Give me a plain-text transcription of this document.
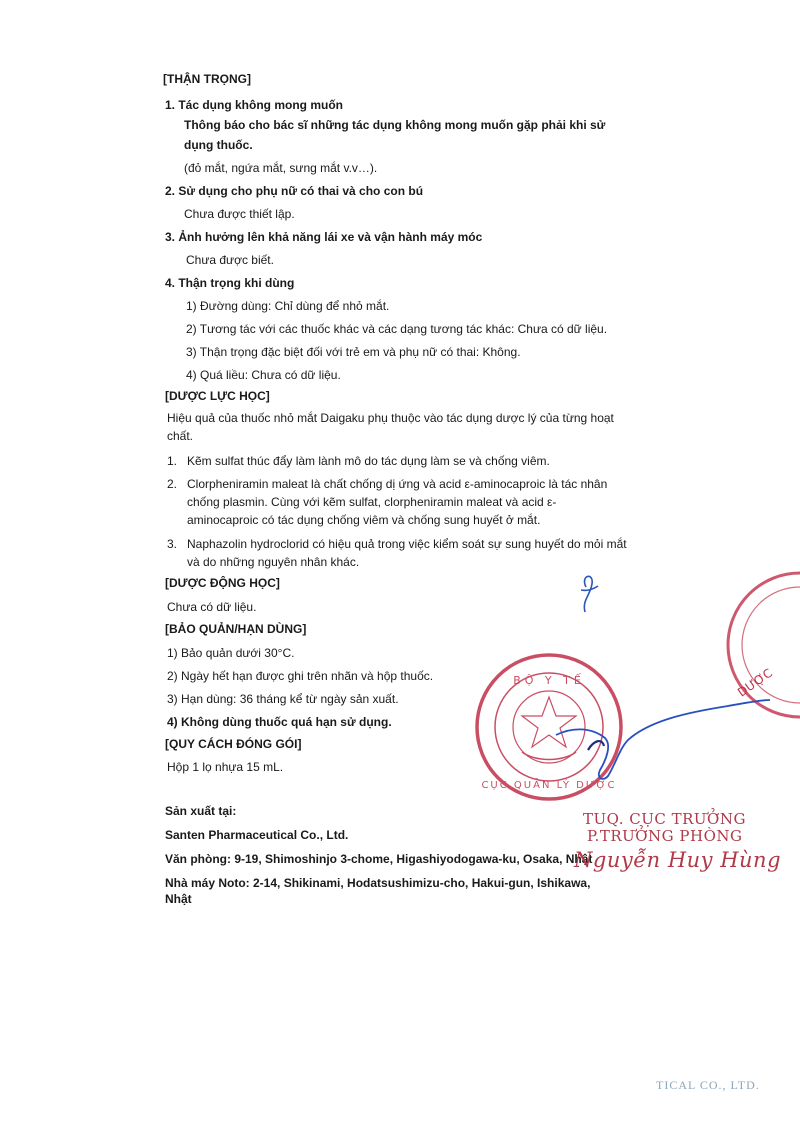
[THẬN TRỌNG]
1. Tác dụng không mong muốn
Thông báo cho bác sĩ những tác dụng không mong muốn gặp phải khi sử
dụng thuốc.
(đỏ mắt, ngứa mắt, sưng mắt v.v…).
2. Sử dụng cho phụ nữ có thai và cho con bú
Chưa được thiết lập.
3. Ảnh hưởng lên khả năng lái xe và vận hành máy móc
Chưa được biết.
4. Thận trọng khi dùng
1) Đường dùng: Chỉ dùng để nhỏ mắt.
2) Tương tác với các thuốc khác và các dạng tương tác khác: Chưa có dữ liệu.
3) Thận trọng đặc biệt đối với trẻ em và phụ nữ có thai: Không.
4) Quá liều: Chưa có dữ liệu.
[DƯỢC LỰC HỌC]
Hiệu quả của thuốc nhỏ mắt Daigaku phụ thuộc vào tác dụng dược lý của từng hoạt
chất.
1. Kẽm sulfat thúc đẩy làm lành mô do tác dụng làm se và chống viêm.
2. Clorpheniramin maleat là chất chống dị ứng và acid ε-aminocaproic là tác nhân
chống plasmin. Cùng với kẽm sulfat, clorpheniramin maleat và acid ε-
aminocaproic có tác dụng chống viêm và chống sung huyết ở mắt.
3. Naphazolin hydroclorid có hiệu quả trong việc kiểm soát sự sung huyết do mỏi mắt
và do những nguyên nhân khác.
[DƯỢC ĐỘNG HỌC]
Chưa có dữ liệu.
[BẢO QUẢN/HẠN DÙNG]
1) Bảo quản dưới 30°C.
2) Ngày hết hạn được ghi trên nhãn và hộp thuốc.
3) Hạn dùng: 36 tháng kể từ ngày sản xuất.
4) Không dùng thuốc quá hạn sử dụng.
[QUY CÁCH ĐÓNG GÓI]
Hộp 1 lọ nhựa 15 mL.
Sản xuất tại:
Santen Pharmaceutical Co., Ltd.
Văn phòng: 9-19, Shimoshinjo 3-chome, Higashiyodogawa-ku, Osaka, Nhật
Nhà máy Noto: 2-14, Shikinami, Hodatsushimizu-cho, Hakui-gun, Ishikawa,
Nhật
DƯỢC
BỘ Y TẾ
CỤC QUẢN LÝ DƯỢC
TUQ. CỤC TRƯỞNG
P.TRƯỞNG PHÒNG
Nguyễn Huy Hùng
TICAL CO., LTD.
